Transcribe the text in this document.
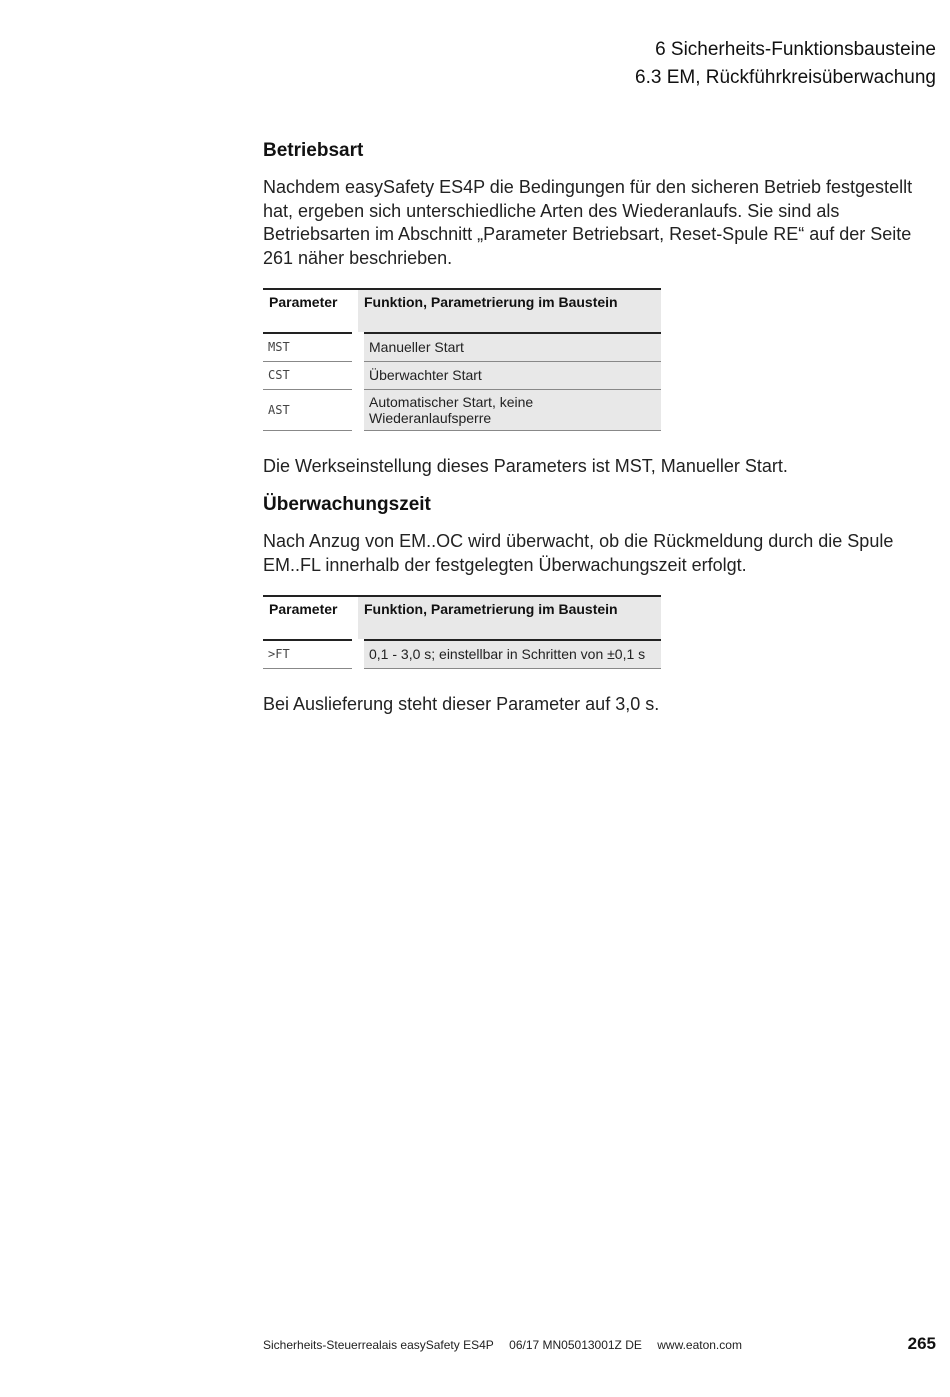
6 Sicherheits-Funktionsbausteine
6.3 EM, Rückführkreisüberwachung
Betriebsart

Nachdem easySafety ES4P die Bedingungen für den sicheren Betrieb festgestellt hat, ergeben sich unterschiedliche Arten des Wiederanlaufs. Sie sind als Betriebsarten im Abschnitt „Parameter Betriebsart, Reset-Spule RE“ auf der Seite 261 näher beschrieben.

Parameter	Funktion, Parametrierung im Baustein
MST	Manueller Start
CST	Überwachter Start
AST	Automatischer Start, keine Wiederanlaufsperre

Die Werkseinstellung dieses Parameters ist MST, Manueller Start.

Überwachungszeit

Nach Anzug von EM..OC wird überwacht, ob die Rückmeldung durch die Spule EM..FL innerhalb der festgelegten Überwachungszeit erfolgt.

Parameter	Funktion, Parametrierung im Baustein
>FT	0,1 - 3,0 s; einstellbar in Schritten von ±0,1 s

Bei Auslieferung steht dieser Parameter auf 3,0 s.

Sicherheits-Steuerrealais easySafety ES4P 06/17 MN05013001Z DE www.eaton.com	265
